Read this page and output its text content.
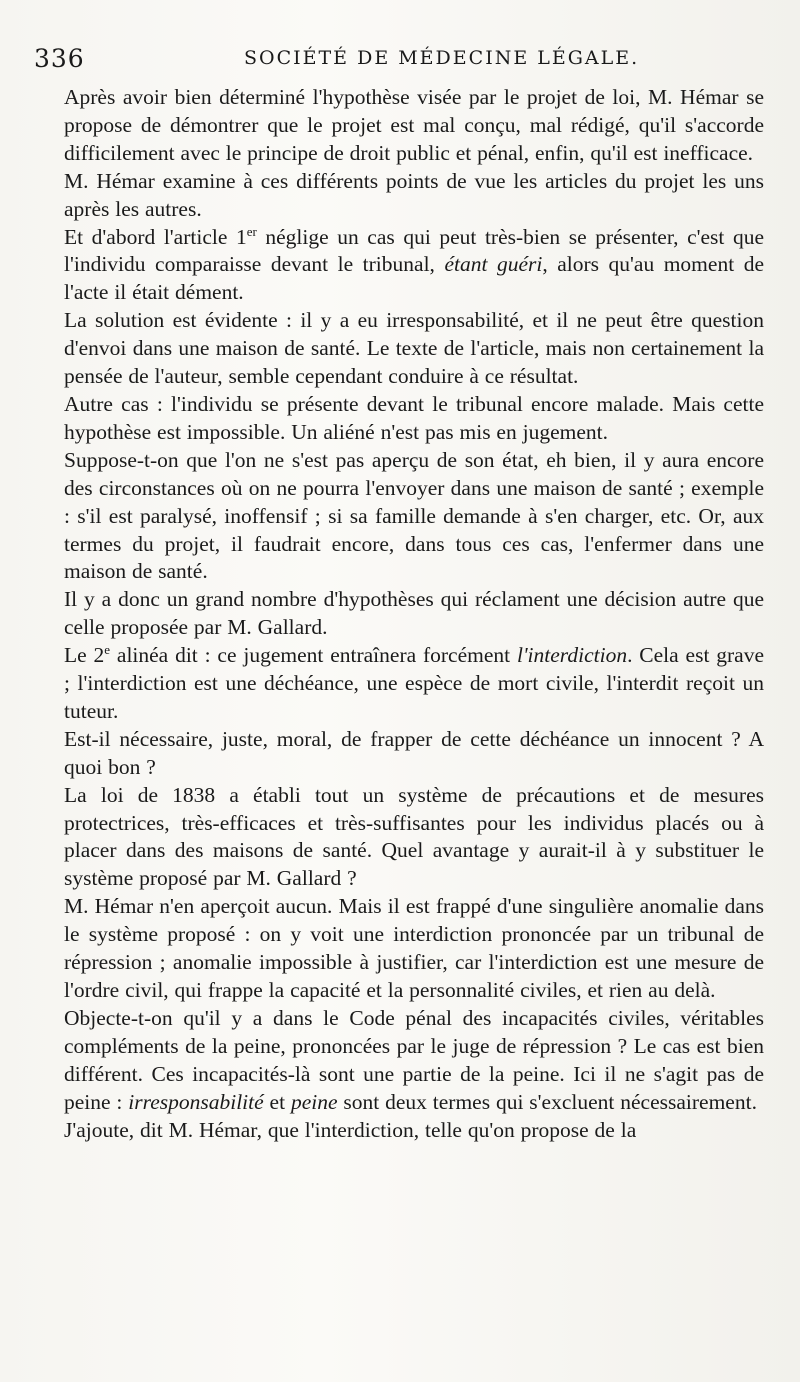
336	SOCIÉTÉ DE MÉDECINE LÉGALE.

Après avoir bien déterminé l'hypothèse visée par le projet de loi, M. Hémar se propose de démontrer que le projet est mal conçu, mal rédigé, qu'il s'accorde difficilement avec le principe de droit public et pénal, enfin, qu'il est inefficace.

M. Hémar examine à ces différents points de vue les articles du projet les uns après les autres.

Et d'abord l'article 1er néglige un cas qui peut très-bien se présenter, c'est que l'individu comparaisse devant le tribunal, étant guéri, alors qu'au moment de l'acte il était dément.

La solution est évidente : il y a eu irresponsabilité, et il ne peut être question d'envoi dans une maison de santé. Le texte de l'article, mais non certainement la pensée de l'auteur, semble cependant conduire à ce résultat.

Autre cas : l'individu se présente devant le tribunal encore malade. Mais cette hypothèse est impossible. Un aliéné n'est pas mis en jugement.

Suppose-t-on que l'on ne s'est pas aperçu de son état, eh bien, il y aura encore des circonstances où on ne pourra l'envoyer dans une maison de santé ; exemple : s'il est paralysé, inoffensif ; si sa famille demande à s'en charger, etc. Or, aux termes du projet, il faudrait encore, dans tous ces cas, l'enfermer dans une maison de santé.

Il y a donc un grand nombre d'hypothèses qui réclament une décision autre que celle proposée par M. Gallard.

Le 2e alinéa dit : ce jugement entraînera forcément l'interdiction. Cela est grave ; l'interdiction est une déchéance, une espèce de mort civile, l'interdit reçoit un tuteur.

Est-il nécessaire, juste, moral, de frapper de cette déchéance un innocent ? A quoi bon ?

La loi de 1838 a établi tout un système de précautions et de mesures protectrices, très-efficaces et très-suffisantes pour les individus placés ou à placer dans des maisons de santé. Quel avantage y aurait-il à y substituer le système proposé par M. Gallard ?

M. Hémar n'en aperçoit aucun. Mais il est frappé d'une singulière anomalie dans le système proposé : on y voit une interdiction prononcée par un tribunal de répression ; anomalie impossible à justifier, car l'interdiction est une mesure de l'ordre civil, qui frappe la capacité et la personnalité civiles, et rien au delà.

Objecte-t-on qu'il y a dans le Code pénal des incapacités civiles, véritables compléments de la peine, prononcées par le juge de répression ? Le cas est bien différent. Ces incapacités-là sont une partie de la peine. Ici il ne s'agit pas de peine : irresponsabilité et peine sont deux termes qui s'excluent nécessairement.

J'ajoute, dit M. Hémar, que l'interdiction, telle qu'on propose de la
